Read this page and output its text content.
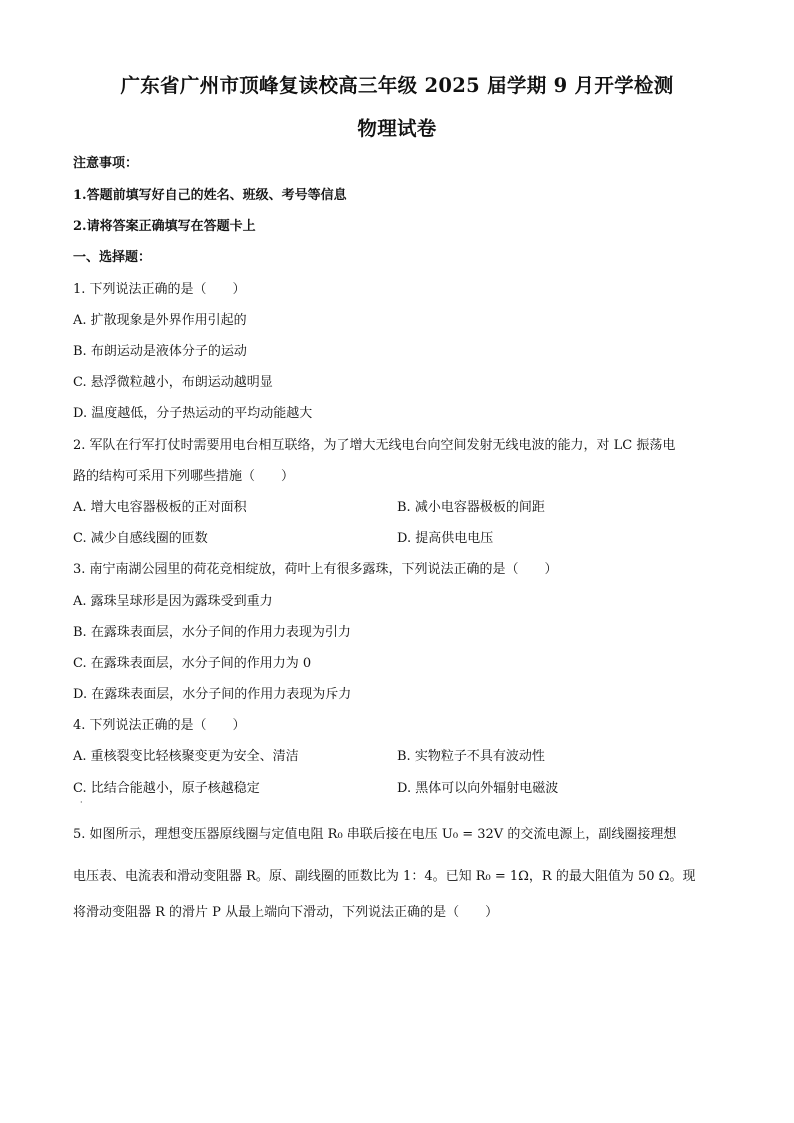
广东省广州市顶峰复读校高三年级 2025 届学期 9 月开学检测
物理试卷
注意事项：
1.答题前填写好自己的姓名、班级、考号等信息
2.请将答案正确填写在答题卡上
一、选择题：
1. 下列说法正确的是（　　）
A. 扩散现象是外界作用引起的
B. 布朗运动是液体分子的运动
C. 悬浮微粒越小，布朗运动越明显
D. 温度越低，分子热运动的平均动能越大
2. 军队在行军打仗时需要用电台相互联络，为了增大无线电台向空间发射无线电波的能力，对 LC 振荡电
路的结构可采用下列哪些措施（　　）
A. 增大电容器极板的正对面积	B. 减小电容器极板的间距
C. 减少自感线圈的匝数	D. 提高供电电压
3. 南宁南湖公园里的荷花竞相绽放，荷叶上有很多露珠，下列说法正确的是（　　）
A. 露珠呈球形是因为露珠受到重力
B. 在露珠表面层，水分子间的作用力表现为引力
C. 在露珠表面层，水分子间的作用力为 0
D. 在露珠表面层，水分子间的作用力表现为斥力
4. 下列说法正确的是（　　）
A. 重核裂变比轻核聚变更为安全、清洁	B. 实物粒子不具有波动性
C. 比结合能越小，原子核越稳定	D. 黑体可以向外辐射电磁波
·
5. 如图所示，理想变压器原线圈与定值电阻 R₀ 串联后接在电压 U₀ = 32V 的交流电源上，副线圈接理想
电压表、电流表和滑动变阻器 R。原、副线圈的匝数比为 1：4。已知 R₀ = 1Ω，R 的最大阻值为 50 Ω。现
将滑动变阻器 R 的滑片 P 从最上端向下滑动，下列说法正确的是（　　）
